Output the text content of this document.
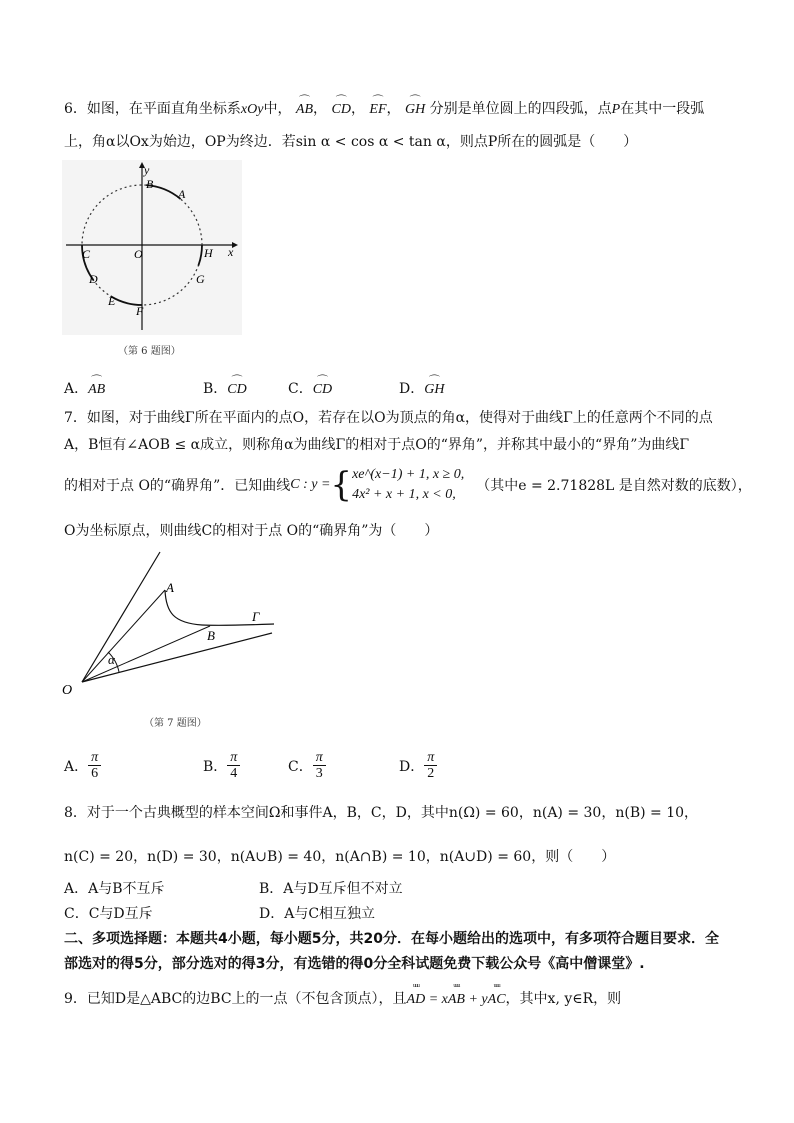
6．如图，在平面直角坐标系xOy中， ⌒ AB， ⌒ CD， ⌒ EF， ⌒ GH 分别是单位圆上的四段弧，点P在其中一段弧
上，角α以Ox为始边，OP为终边．若sin α < cos α < tan α，则点P所在的圆弧是（　　）
y
x
O
A
B
C
D
E
F
G
H
（第 6 题图）
A．⌒ AB	B．⌒ CD	C．⌒ CD	D．⌒ GH
7．如图，对于曲线Γ所在平面内的点O，若存在以O为顶点的角α，使得对于曲线Γ上的任意两个不同的点
A，B恒有∠AOB ≤ α成立，则称角α为曲线Γ的相对于点O的“界角”，并称其中最小的“界角”为曲线Γ
的相对于点 O的“确界角”．已知曲线 C : y = { xe^(x−1) + 1, x ≥ 0,
4x² + x + 1, x < 0,
（其中e = 2.71828L 是自然对数的底数），
O为坐标原点，则曲线C的相对于点 O的“确界角”为（　　）
O
A
B
α
Γ
（第 7 题图）
A． $\frac{\pi}{6}$	B． $\frac{\pi}{4}$	C． $\frac{\pi}{3}$	D． $\frac{\pi}{2}$
8．对于一个古典概型的样本空间Ω和事件A，B，C，D，其中n(Ω) = 60，n(A) = 30，n(B) = 10，
n(C) = 20，n(D) = 30，n(A∪B) = 40，n(A∩B) = 10，n(A∪D) = 60，则（　　）
A．A与B不互斥	B．A与D互斥但不对立
C．C与D互斥	D．A与C相互独立
二、多项选择题：本题共4小题，每小题5分，共20分．在每小题给出的选项中，有多项符合题目要求．全
部选对的得5分，部分选对的得3分，有选错的得0分全科试题免费下载公众号《高中僧课堂》.
9．已知D是△ABC的边BC上的一点（不包含顶点），且uuu AD = xuuu AB + yuuu AC，其中x, y∈R，则
